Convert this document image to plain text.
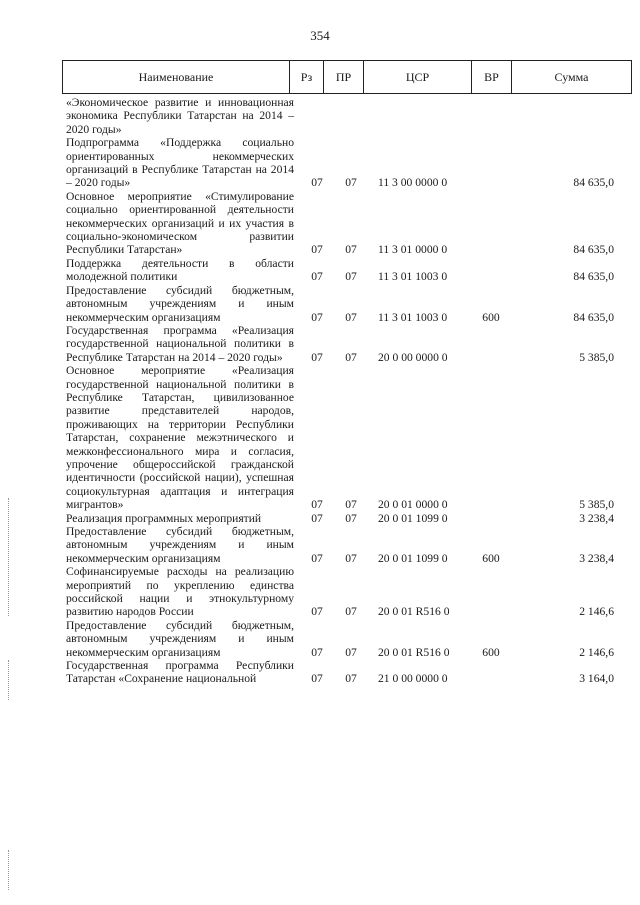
354
Наименование	Рз	ПР	ЦСР	ВР	Сумма
«Экономическое развитие и инновационная экономика Республики Татарстан на 2014 – 2020 годы»
Подпрограмма «Поддержка социально ориентированных некоммерческих организаций в Республике Татарстан на 2014 – 2020 годы»	07	07	11 3 00 0000 0	84 635,0
Основное мероприятие «Стимулирование социально ориентированной деятельности некоммерческих организаций и их участия в социально-экономическом развитии Республики Татарстан»	07	07	11 3 01 0000 0	84 635,0
Поддержка деятельности в области молодежной политики	07	07	11 3 01 1003 0	84 635,0
Предоставление субсидий бюджетным, автономным учреждениям и иным некоммерческим организациям	07	07	11 3 01 1003 0	600	84 635,0
Государственная программа «Реализация государственной национальной политики в Республике Татарстан на 2014 – 2020 годы»	07	07	20 0 00 0000 0	5 385,0
Основное мероприятие «Реализация государственной национальной политики в Республике Татарстан, цивилизованное развитие представителей народов, проживающих на территории Республики Татарстан, сохранение межэтнического и межконфессионального мира и согласия, упрочение общероссийской гражданской идентичности (российской нации), успешная социокультурная адаптация и интеграция мигрантов»	07	07	20 0 01 0000 0	5 385,0
Реализация программных мероприятий	07	07	20 0 01 1099 0	3 238,4
Предоставление субсидий бюджетным, автономным учреждениям и иным некоммерческим организациям	07	07	20 0 01 1099 0	600	3 238,4
Софинансируемые расходы на реализацию мероприятий по укреплению единства российской нации и этнокультурному развитию народов России	07	07	20 0 01 R516 0	2 146,6
Предоставление субсидий бюджетным, автономным учреждениям и иным некоммерческим организациям	07	07	20 0 01 R516 0	600	2 146,6
Государственная программа Республики Татарстан «Сохранение национальной	07	07	21 0 00 0000 0	3 164,0
